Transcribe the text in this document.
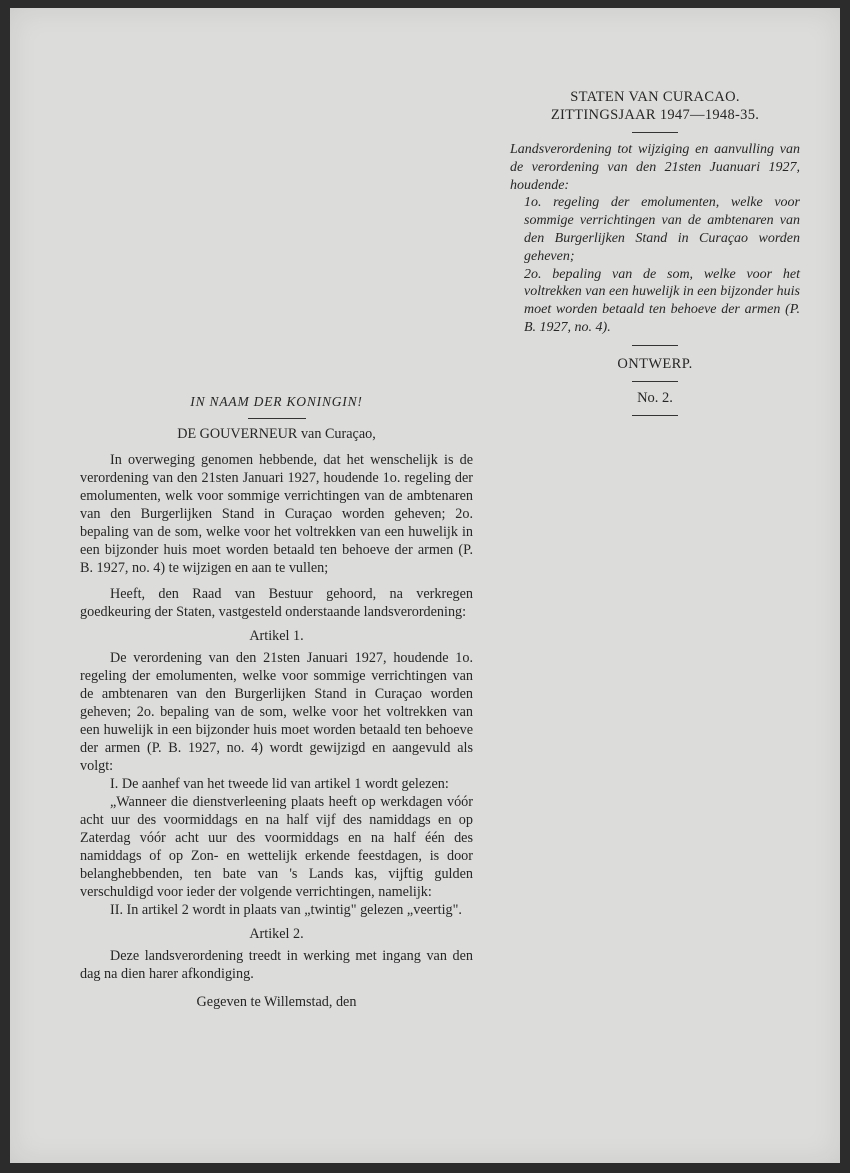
STATEN VAN CURACAO.
ZITTINGSJAAR 1947—1948-35.

Landsverordening tot wijziging en aanvulling van de verordening van den 21sten Juanuari 1927, houdende:

1o. regeling der emolumenten, welke voor sommige verrichtingen van de ambtenaren van den Burgerlijken Stand in Curaçao worden geheven;

2o. bepaling van de som, welke voor het voltrekken van een huwelijk in een bijzonder huis moet worden betaald ten behoeve der armen (P. B. 1927, no. 4).

ONTWERP.
No. 2.

IN NAAM DER KONINGIN!

DE GOUVERNEUR van Curaçao,

In overweging genomen hebbende, dat het wenschelijk is de verordening van den 21sten Januari 1927, houdende 1o. regeling der emolumenten, welk voor sommige verrichtingen van de ambtenaren van den Burgerlijken Stand in Curaçao worden geheven; 2o. bepaling van de som, welke voor het voltrekken van een huwelijk in een bijzonder huis moet worden betaald ten behoeve der armen (P. B. 1927, no. 4) te wijzigen en aan te vullen;

Heeft, den Raad van Bestuur gehoord, na verkregen goedkeuring der Staten, vastgesteld onderstaande landsverordening:

Artikel 1.

De verordening van den 21sten Januari 1927, houdende 1o. regeling der emolumenten, welke voor sommige verrichtingen van de ambtenaren van den Burgerlijken Stand in Curaçao worden geheven; 2o. bepaling van de som, welke voor het voltrekken van een huwelijk in een bijzonder huis moet worden betaald ten behoeve der armen (P. B. 1927, no. 4) wordt gewijzigd en aangevuld als volgt:

I. De aanhef van het tweede lid van artikel 1 wordt gelezen:

„Wanneer die dienstverleening plaats heeft op werkdagen vóór acht uur des voormiddags en na half vijf des namiddags en op Zaterdag vóór acht uur des voormiddags en na half één des namiddags of op Zon- en wettelijk erkende feestdagen, is door belanghebbenden, ten bate van 's Lands kas, vijftig gulden verschuldigd voor ieder der volgende verrichtingen, namelijk:

II. In artikel 2 wordt in plaats van „twintig" gelezen „veertig".

Artikel 2.

Deze landsverordening treedt in werking met ingang van den dag na dien harer afkondiging.

Gegeven te Willemstad, den
